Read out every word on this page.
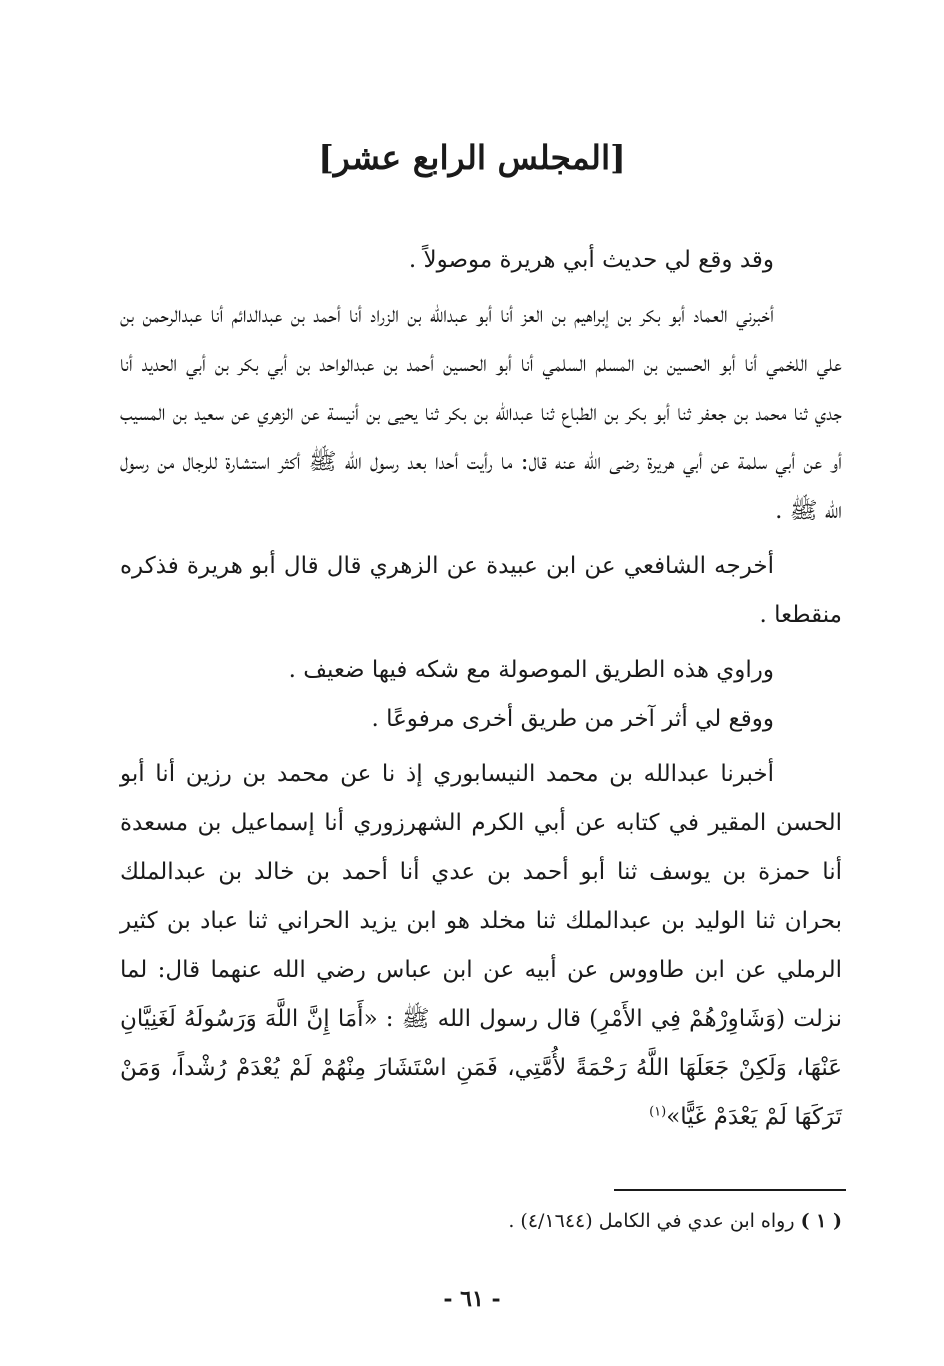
[المجلس الرابع عشر]

وقد وقع لي حديث أبي هريرة موصولاً .

أخبرني العماد أبو بكر بن إبراهيم بن العز أنا أبو عبدالله بن الزراد أنا أحمد بن عبدالدائم أنا عبدالرحمن بن علي اللخمي أنا أبو الحسين بن المسلم السلمي أنا أبو الحسين أحمد بن عبدالواحد بن أبي بكر بن أبي الحديد أنا جدي ثنا محمد بن جعفر ثنا أبو بكر بن الطباع ثنا عبدالله بن بكر ثنا يحيى بن أنيسة عن الزهري عن سعيد بن المسيب أو عن أبي سلمة عن أبي هريرة رضى الله عنه قال: ما رأيت أحدا بعد رسول الله ﷺ أكثر استشارة للرجال من رسول الله ﷺ .

أخرجه الشافعي عن ابن عبيدة عن الزهري قال قال أبو هريرة فذكره منقطعا .

وراوي هذه الطريق الموصولة مع شكه فيها ضعيف .

ووقع لي أثر آخر من طريق أخرى مرفوعًا .

أخبرنا عبدالله بن محمد النيسابوري إذ نا عن محمد بن رزين أنا أبو الحسن المقير في كتابه عن أبي الكرم الشهرزوري أنا إسماعيل بن مسعدة أنا حمزة بن يوسف ثنا أبو أحمد بن عدي أنا أحمد بن خالد بن عبدالملك بحران ثنا الوليد بن عبدالملك ثنا مخلد هو ابن يزيد الحراني ثنا عباد بن كثير الرملي عن ابن طاووس عن أبيه عن ابن عباس رضي الله عنهما قال: لما نزلت (وَشَاوِرْهُمْ فِي الأَمْرِ) قال رسول الله ﷺ : «أَمَا إِنَّ اللَّهَ وَرَسُولَهُ لَغَنِيَّانِ عَنْهَا، وَلَكِنْ جَعَلَهَا اللَّهُ رَحْمَةً لأُمَّتِي، فَمَنِ اسْتَشَارَ مِنْهُمْ لَمْ يُعْدَمْ رُشْداً، وَمَنْ تَرَكَهَا لَمْ يَعْدَمْ غَيًّا»$^{(١)}$

( ١ ) رواه ابن عدي في الكامل (٤/١٦٤٤) .

- ٦١ -
